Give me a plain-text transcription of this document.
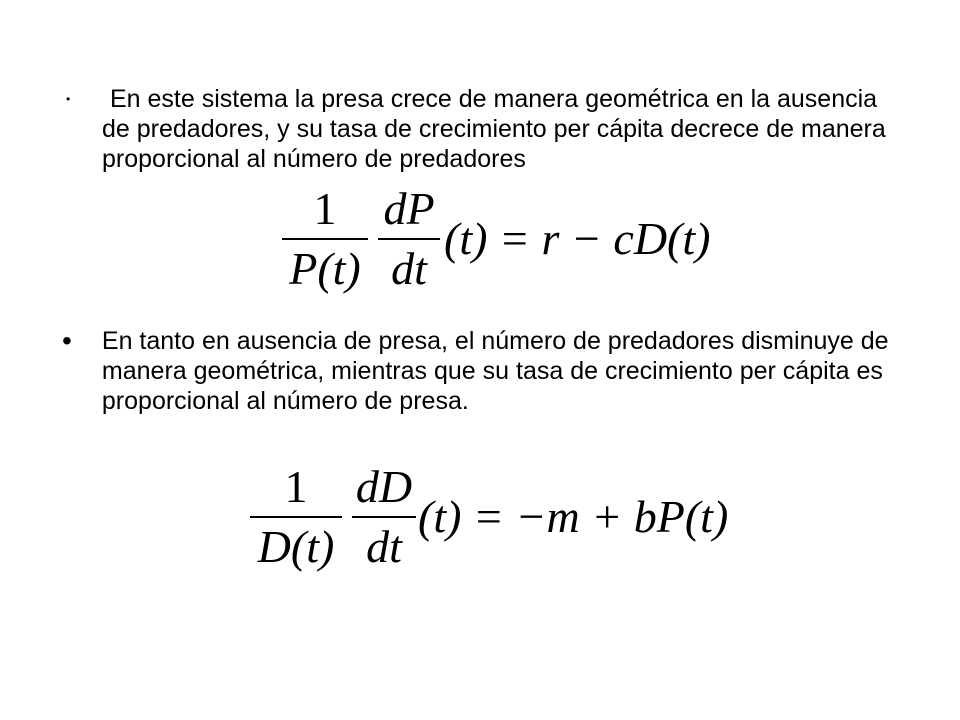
•	En este sistema la presa crece de manera geométrica en la ausencia de predadores, y su tasa de crecimiento per cápita decrece de manera proporcional al número de predadores
1
P(t)
dP
dt
(t) = r − cD(t)
•	En tanto en ausencia de presa, el número de predadores disminuye de manera geométrica, mientras que su tasa de crecimiento per cápita es proporcional al número de presa.
1
D(t)
dD
dt
(t) = −m + bP(t)
